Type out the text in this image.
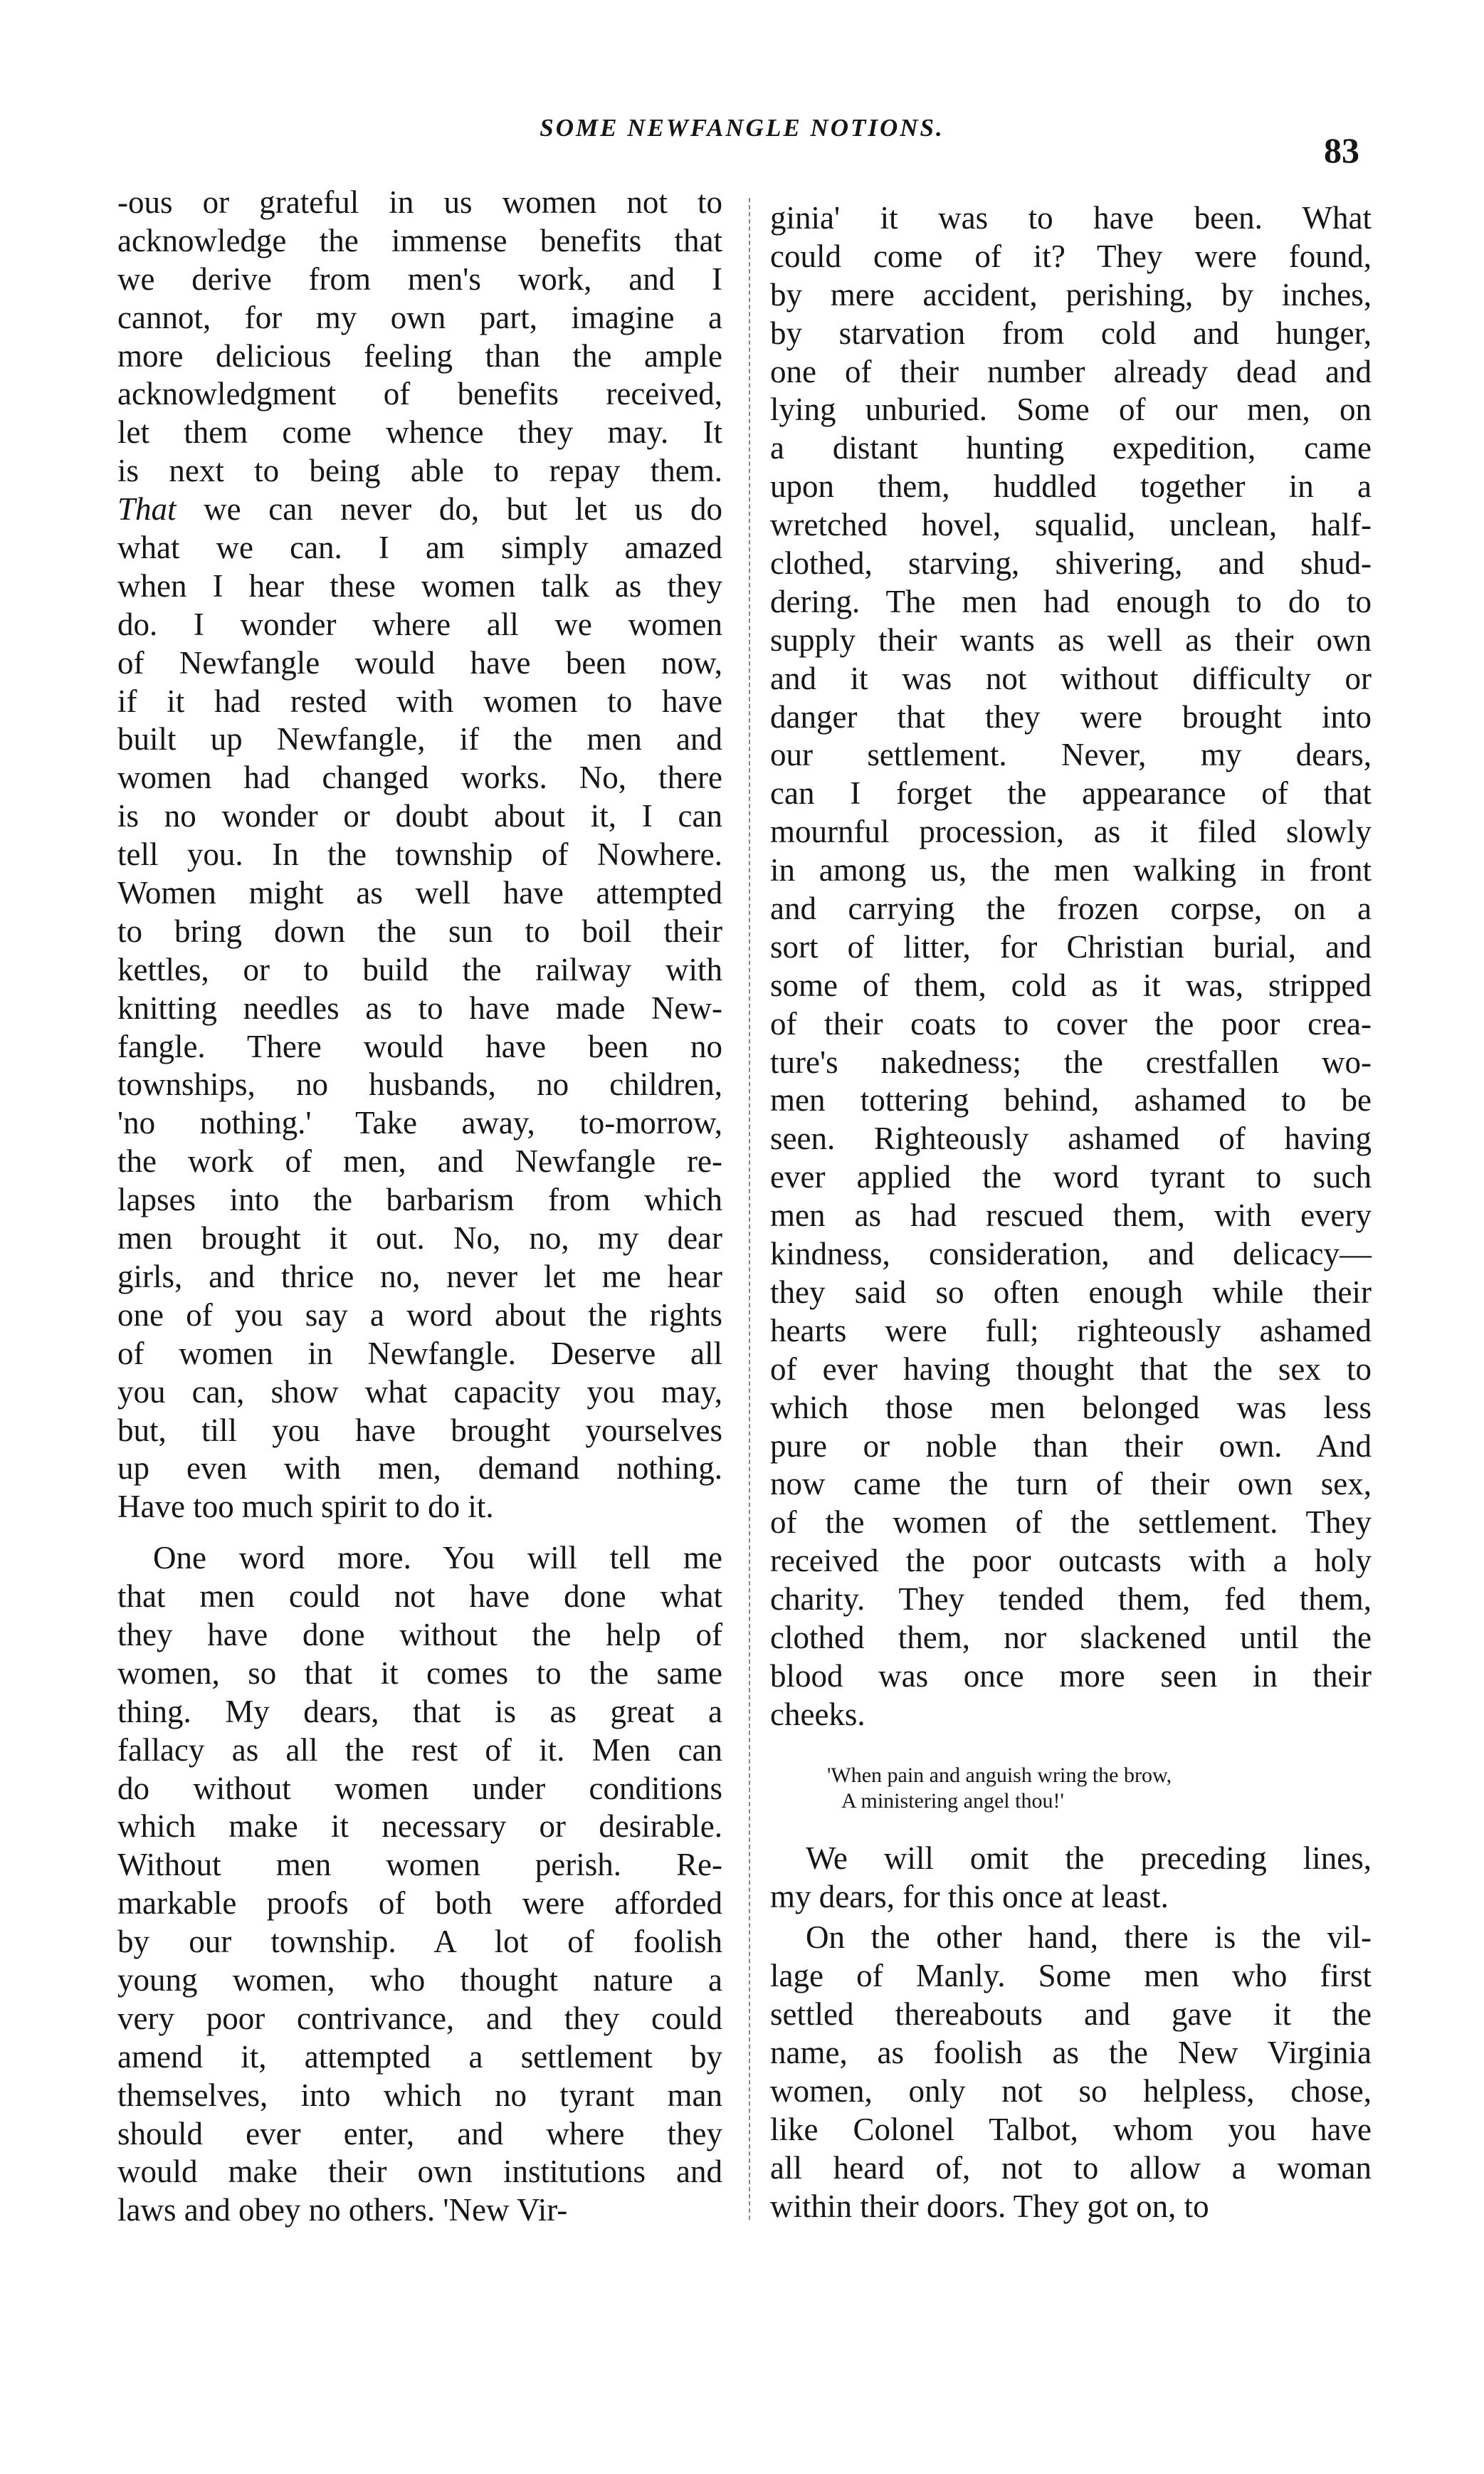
SOME NEWFANGLE NOTIONS.
83
-ous or grateful in us women not to
acknowledge the immense benefits that
we derive from men's work, and I
cannot, for my own part, imagine a
more delicious feeling than the ample
acknowledgment of benefits received,
let them come whence they may. It
is next to being able to repay them.
That we can never do, but let us do
what we can. I am simply amazed
when I hear these women talk as they
do. I wonder where all we women
of Newfangle would have been now,
if it had rested with women to have
built up Newfangle, if the men and
women had changed works. No, there
is no wonder or doubt about it, I can
tell you. In the township of Nowhere.
Women might as well have attempted
to bring down the sun to boil their
kettles, or to build the railway with
knitting needles as to have made New-
fangle. There would have been no
townships, no husbands, no children,
'no nothing.' Take away, to-morrow,
the work of men, and Newfangle re-
lapses into the barbarism from which
men brought it out. No, no, my dear
girls, and thrice no, never let me hear
one of you say a word about the rights
of women in Newfangle. Deserve all
you can, show what capacity you may,
but, till you have brought yourselves
up even with men, demand nothing.
Have too much spirit to do it.
One word more. You will tell me
that men could not have done what
they have done without the help of
women, so that it comes to the same
thing. My dears, that is as great a
fallacy as all the rest of it. Men can
do without women under conditions
which make it necessary or desirable.
Without men women perish. Re-
markable proofs of both were afforded
by our township. A lot of foolish
young women, who thought nature a
very poor contrivance, and they could
amend it, attempted a settlement by
themselves, into which no tyrant man
should ever enter, and where they
would make their own institutions and
laws and obey no others. 'New Vir-
ginia' it was to have been. What
could come of it? They were found,
by mere accident, perishing, by inches,
by starvation from cold and hunger,
one of their number already dead and
lying unburied. Some of our men, on
a distant hunting expedition, came
upon them, huddled together in a
wretched hovel, squalid, unclean, half-
clothed, starving, shivering, and shud-
dering. The men had enough to do to
supply their wants as well as their own
and it was not without difficulty or
danger that they were brought into
our settlement. Never, my dears,
can I forget the appearance of that
mournful procession, as it filed slowly
in among us, the men walking in front
and carrying the frozen corpse, on a
sort of litter, for Christian burial, and
some of them, cold as it was, stripped
of their coats to cover the poor crea-
ture's nakedness; the crestfallen wo-
men tottering behind, ashamed to be
seen. Righteously ashamed of having
ever applied the word tyrant to such
men as had rescued them, with every
kindness, consideration, and delicacy—
they said so often enough while their
hearts were full; righteously ashamed
of ever having thought that the sex to
which those men belonged was less
pure or noble than their own. And
now came the turn of their own sex,
of the women of the settlement. They
received the poor outcasts with a holy
charity. They tended them, fed them,
clothed them, nor slackened until the
blood was once more seen in their
cheeks.
'When pain and anguish wring the brow,
A ministering angel thou!'
We will omit the preceding lines,
my dears, for this once at least.
On the other hand, there is the vil-
lage of Manly. Some men who first
settled thereabouts and gave it the
name, as foolish as the New Virginia
women, only not so helpless, chose,
like Colonel Talbot, whom you have
all heard of, not to allow a woman
within their doors. They got on, to
